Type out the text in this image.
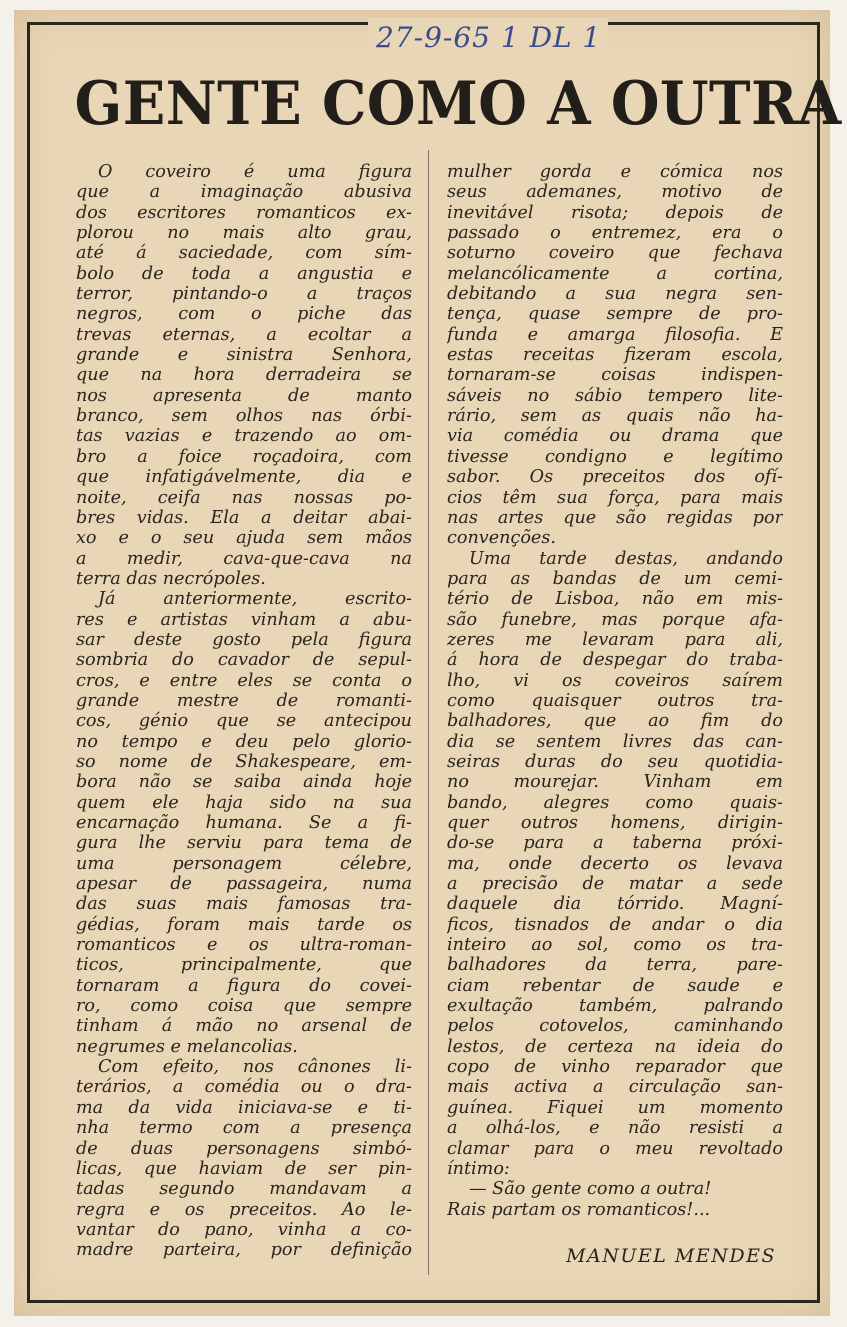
27-9-65 1 DL 1
GENTE COMO A OUTRA
O coveiro é uma figura
que a imaginação abusiva
dos escritores romanticos ex-
plorou no mais alto grau,
até á saciedade, com sím-
bolo de toda a angustia e
terror, pintando-o a traços
negros, com o piche das
trevas eternas, a ecoltar a
grande e sinistra Senhora,
que na hora derradeira se
nos apresenta de manto
branco, sem olhos nas órbi-
tas vazias e trazendo ao om-
bro a foice roçadoira, com
que infatigávelmente, dia e
noite, ceifa nas nossas po-
bres vidas. Ela a deitar abai-
xo e o seu ajuda sem mãos
a medir, cava-que-cava na
terra das necrópoles.
Já anteriormente, escrito-
res e artistas vinham a abu-
sar deste gosto pela figura
sombria do cavador de sepul-
cros, e entre eles se conta o
grande mestre de romanti-
cos, génio que se antecipou
no tempo e deu pelo glorio-
so nome de Shakespeare, em-
bora não se saiba ainda hoje
quem ele haja sido na sua
encarnação humana. Se a fi-
gura lhe serviu para tema de
uma personagem célebre,
apesar de passageira, numa
das suas mais famosas tra-
gédias, foram mais tarde os
romanticos e os ultra-roman-
ticos, principalmente, que
tornaram a figura do covei-
ro, como coisa que sempre
tinham á mão no arsenal de
negrumes e melancolias.
Com efeito, nos cânones li-
terários, a comédia ou o dra-
ma da vida iniciava-se e ti-
nha termo com a presença
de duas personagens simbó-
licas, que haviam de ser pin-
tadas segundo mandavam a
regra e os preceitos. Ao le-
vantar do pano, vinha a co-
madre parteira, por definição
mulher gorda e cómica nos
seus ademanes, motivo de
inevitável risota; depois de
passado o entremez, era o
soturno coveiro que fechava
melancólicamente a cortina,
debitando a sua negra sen-
tença, quase sempre de pro-
funda e amarga filosofia. E
estas receitas fizeram escola,
tornaram-se coisas indispen-
sáveis no sábio tempero lite-
rário, sem as quais não ha-
via comédia ou drama que
tivesse condigno e legítimo
sabor. Os preceitos dos ofí-
cios têm sua força, para mais
nas artes que são regidas por
convenções.
Uma tarde destas, andando
para as bandas de um cemi-
tério de Lisboa, não em mis-
são funebre, mas porque afa-
zeres me levaram para ali,
á hora de despegar do traba-
lho, vi os coveiros saírem
como quaisquer outros tra-
balhadores, que ao fim do
dia se sentem livres das can-
seiras duras do seu quotidia-
no mourejar. Vinham em
bando, alegres como quais-
quer outros homens, dirigin-
do-se para a taberna próxi-
ma, onde decerto os levava
a precisão de matar a sede
daquele dia tórrido. Magní-
ficos, tisnados de andar o dia
inteiro ao sol, como os tra-
balhadores da terra, pare-
ciam rebentar de saude e
exultação também, palrando
pelos cotovelos, caminhando
lestos, de certeza na ideia do
copo de vinho reparador que
mais activa a circulação san-
guínea. Fiquei um momento
a olhá-los, e não resisti a
clamar para o meu revoltado
íntimo:
— São gente como a outra!
Rais partam os romanticos!...
MANUEL MENDES
